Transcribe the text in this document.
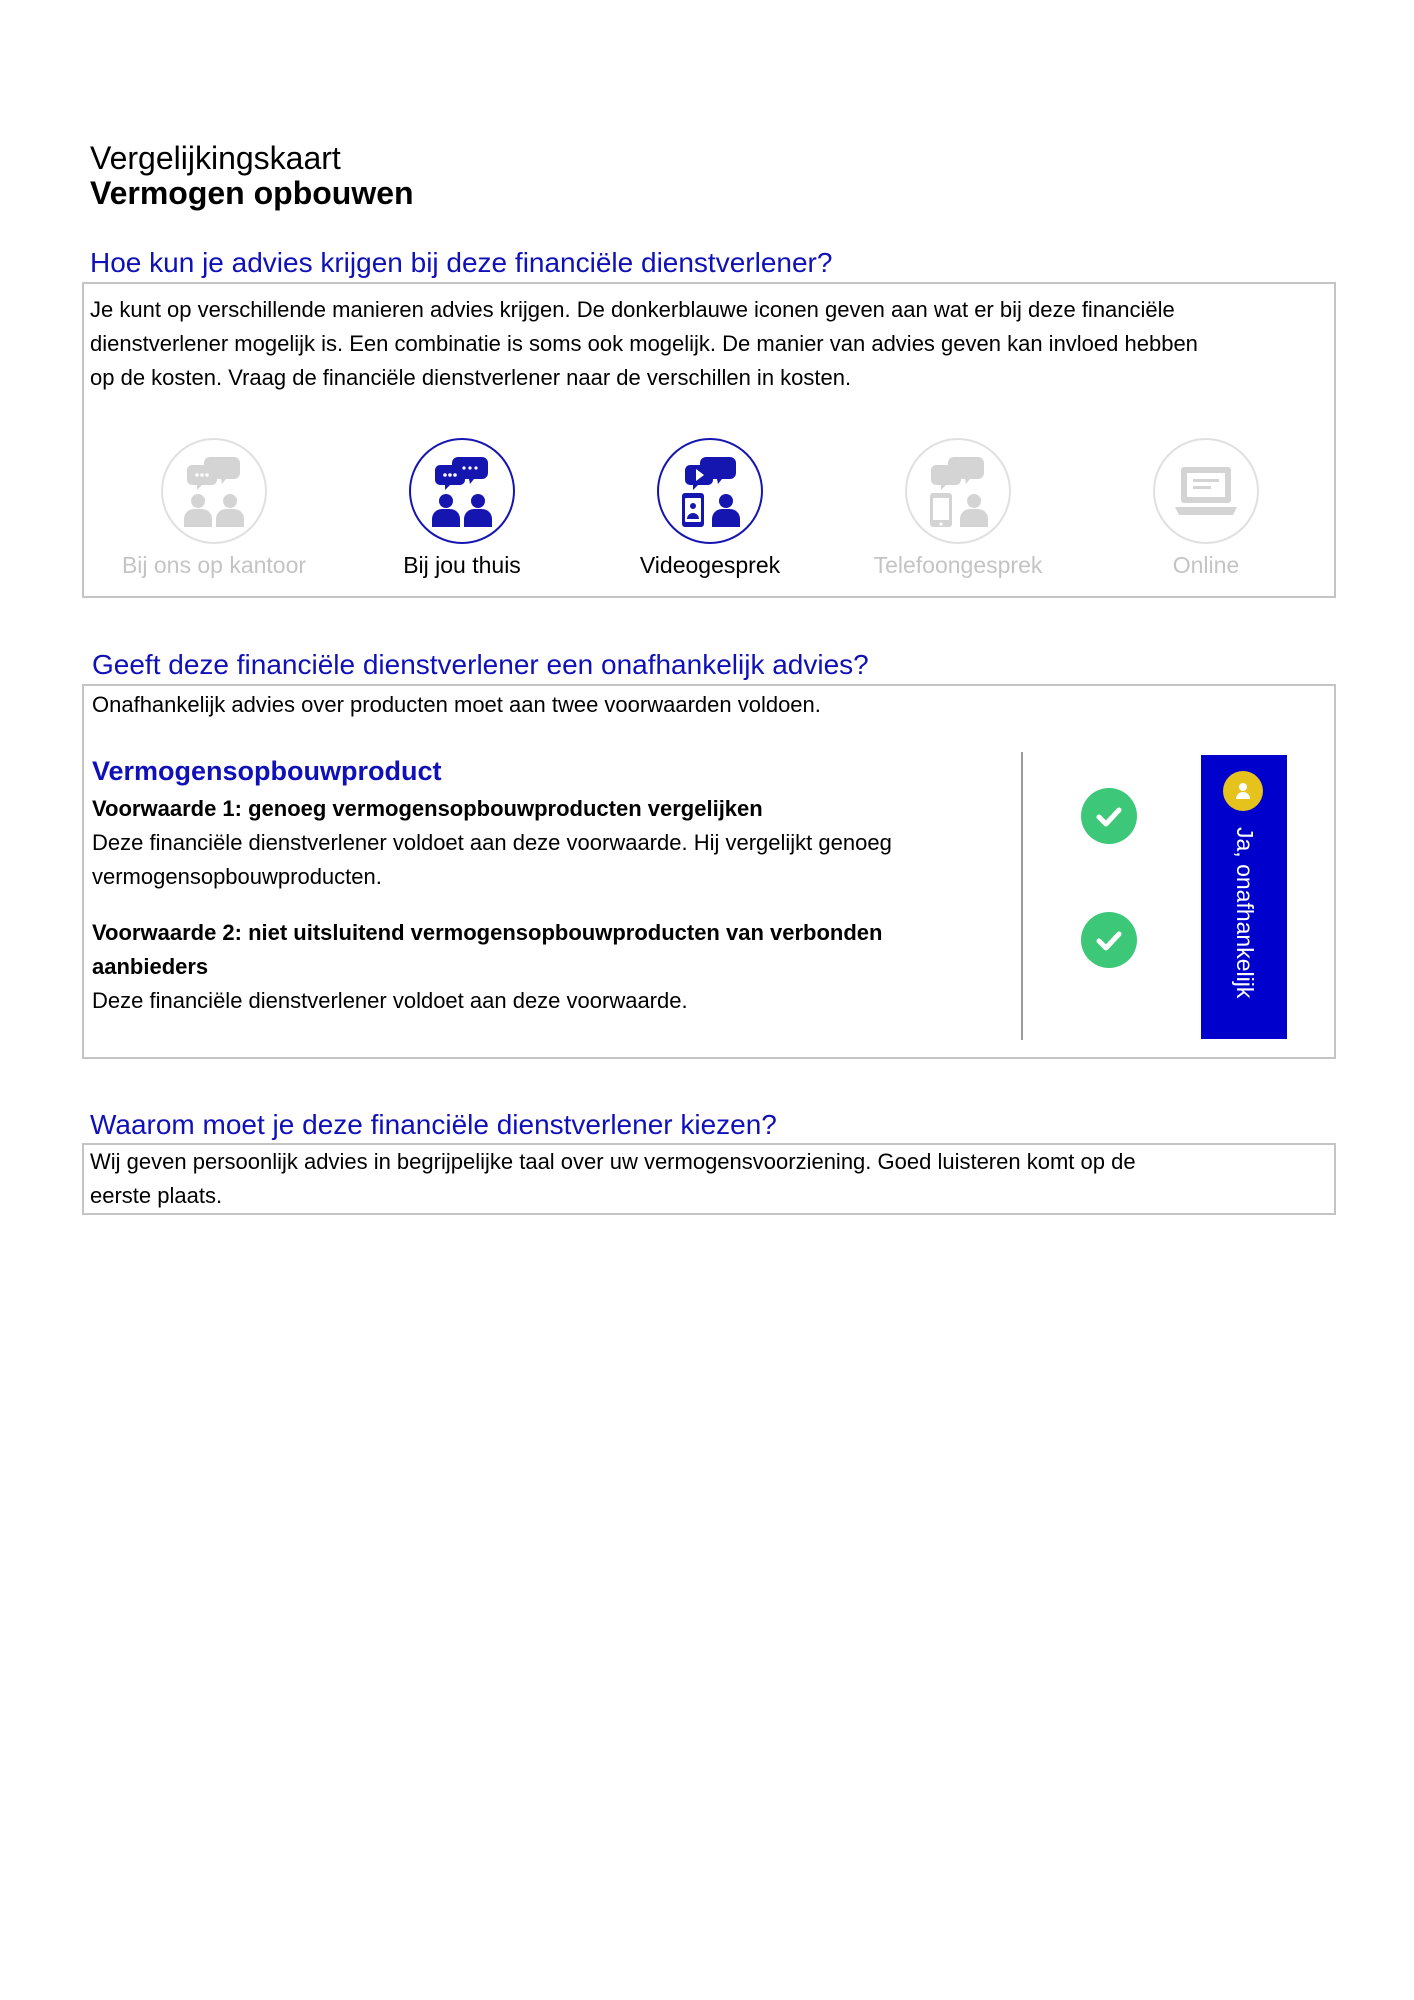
Vergelijkingskaart
Vermogen opbouwen
Hoe kun je advies krijgen bij deze financiële dienstverlener?
Je kunt op verschillende manieren advies krijgen. De donkerblauwe iconen geven aan wat er bij deze financiële
dienstverlener mogelijk is. Een combinatie is soms ook mogelijk. De manier van advies geven kan invloed hebben
op de kosten. Vraag de financiële dienstverlener naar de verschillen in kosten.
Bij ons op kantoor	Bij jou thuis	Videogesprek	Telefoongesprek	Online
Geeft deze financiële dienstverlener een onafhankelijk advies?
Onafhankelijk advies over producten moet aan twee voorwaarden voldoen.
Vermogensopbouwproduct
Voorwaarde 1: genoeg vermogensopbouwproducten vergelijken
Deze financiële dienstverlener voldoet aan deze voorwaarde. Hij vergelijkt genoeg
vermogensopbouwproducten.
Voorwaarde 2: niet uitsluitend vermogensopbouwproducten van verbonden
aanbieders
Deze financiële dienstverlener voldoet aan deze voorwaarde.
Ja, onafhankelijk
Waarom moet je deze financiële dienstverlener kiezen?
Wij geven persoonlijk advies in begrijpelijke taal over uw vermogensvoorziening. Goed luisteren komt op de
eerste plaats.
